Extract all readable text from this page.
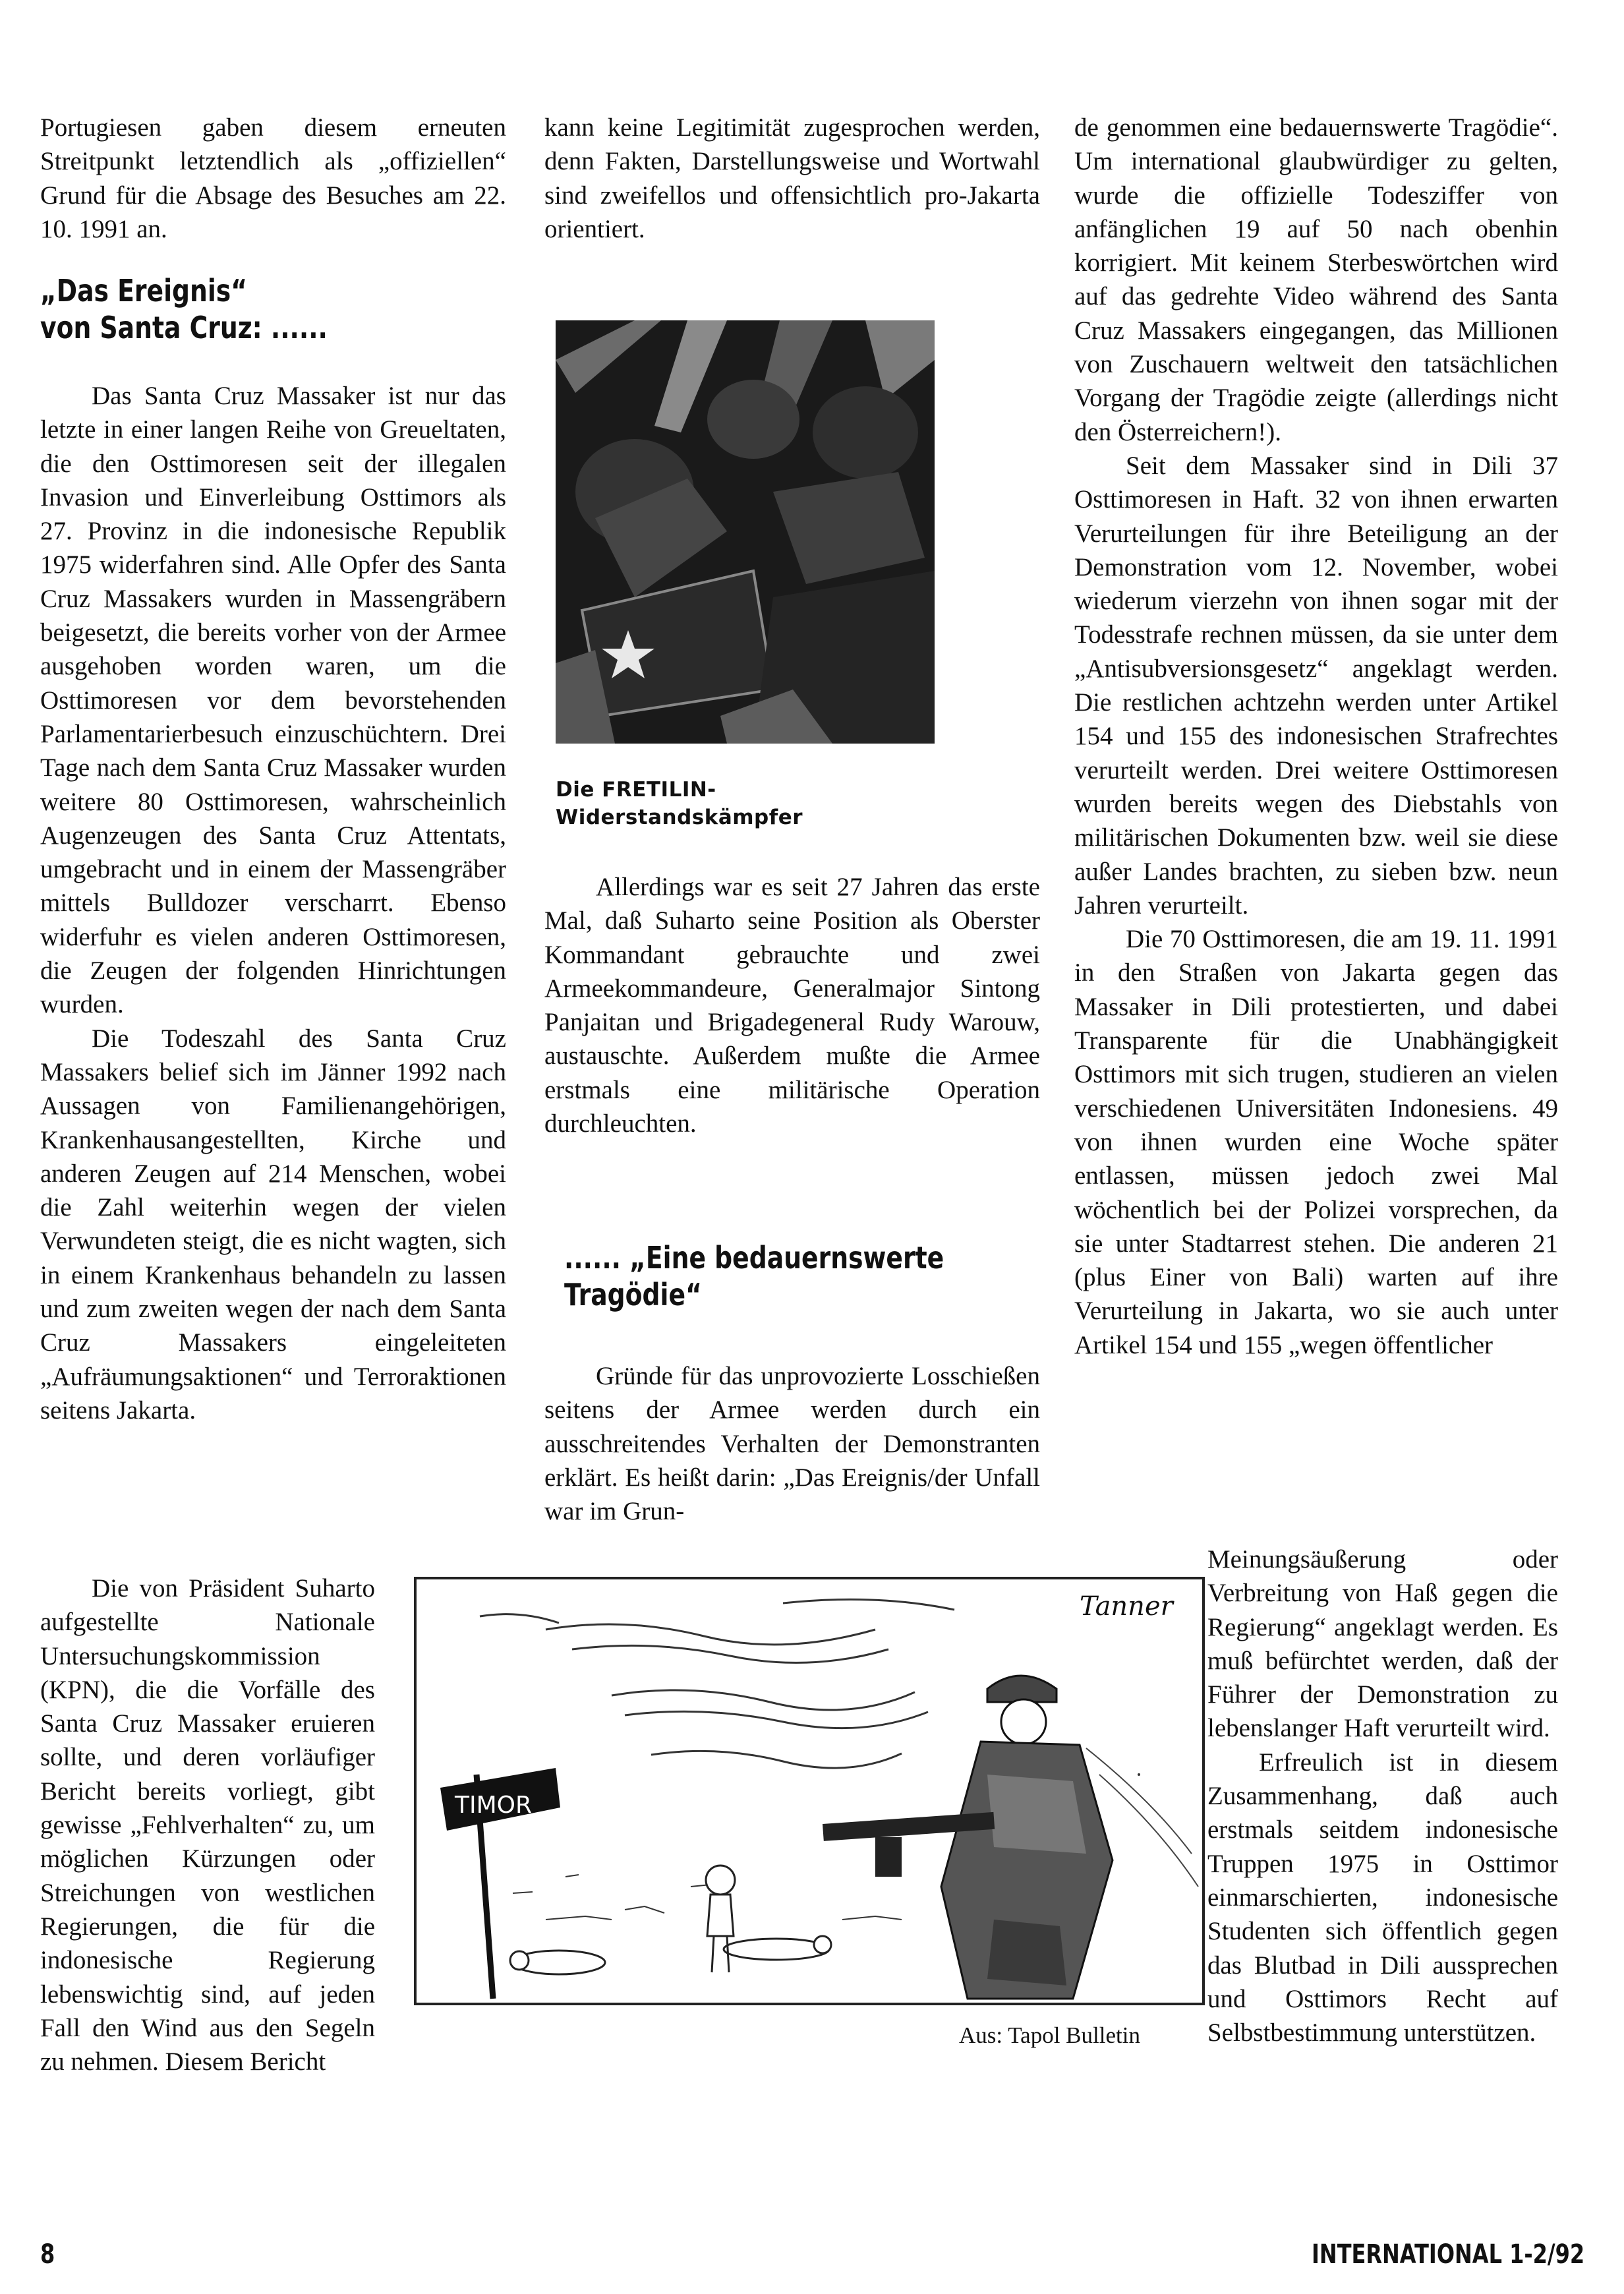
Portugiesen gaben diesem erneuten Streitpunkt letztendlich als „offiziellen“ Grund für die Absage des Besuches am 22. 10. 1991 an.

„Das Ereignis“
von Santa Cruz: ......

Das Santa Cruz Massaker ist nur das letzte in einer langen Reihe von Greueltaten, die den Osttimoresen seit der illegalen Invasion und Einverleibung Osttimors als 27. Provinz in die indonesische Republik 1975 widerfahren sind. Alle Opfer des Santa Cruz Massakers wurden in Massengräbern beigesetzt, die bereits vorher von der Armee ausgehoben worden waren, um die Osttimoresen vor dem bevorstehenden Parlamentarierbesuch einzuschüchtern. Drei Tage nach dem Santa Cruz Massaker wurden weitere 80 Osttimoresen, wahrscheinlich Augenzeugen des Santa Cruz Attentats, umgebracht und in einem der Massengräber mittels Bulldozer verscharrt. Ebenso widerfuhr es vielen anderen Osttimoresen, die Zeugen der folgenden Hinrichtungen wurden.

Die Todeszahl des Santa Cruz Massakers belief sich im Jänner 1992 nach Aussagen von Familienangehörigen, Krankenhausangestellten, Kirche und anderen Zeugen auf 214 Menschen, wobei die Zahl weiterhin wegen der vielen Verwundeten steigt, die es nicht wagten, sich in einem Krankenhaus behandeln zu lassen und zum zweiten wegen der nach dem Santa Cruz Massakers eingeleiteten „Aufräumungsaktionen“ und Terroraktionen seitens Jakarta.

Die von Präsident Suharto aufgestellte Nationale Untersuchungskommission (KPN), die die Vorfälle des Santa Cruz Massaker eruieren sollte, und deren vorläufiger Bericht bereits vorliegt, gibt gewisse „Fehlverhalten“ zu, um möglichen Kürzungen oder Streichungen von westlichen Regierungen, die für die indonesische Regierung lebenswichtig sind, auf jeden Fall den Wind aus den Segeln zu nehmen. Diesem Bericht

kann keine Legitimität zugesprochen werden, denn Fakten, Darstellungsweise und Wortwahl sind zweifellos und offensichtlich pro-Jakarta orientiert.

Die FRETILIN-Widerstandskämpfer

Allerdings war es seit 27 Jahren das erste Mal, daß Suharto seine Position als Oberster Kommandant gebrauchte und zwei Armeekommandeure, Generalmajor Sintong Panjaitan und Brigadegeneral Rudy Warouw, austauschte. Außerdem mußte die Armee erstmals eine militärische Operation durchleuchten.

...... „Eine bedauernswerte
Tragödie“

Gründe für das unprovozierte Losschießen seitens der Armee werden durch ein ausschreitendes Verhalten der Demonstranten erklärt. Es heißt darin: „Das Ereignis/der Unfall war im Grun-

de genommen eine bedauernswerte Tragödie“. Um international glaubwürdiger zu gelten, wurde die offizielle Todesziffer von anfänglichen 19 auf 50 nach obenhin korrigiert. Mit keinem Sterbeswörtchen wird auf das gedrehte Video während des Santa Cruz Massakers eingegangen, das Millionen von Zuschauern weltweit den tatsächlichen Vorgang der Tragödie zeigte (allerdings nicht den Österreichern!).

Seit dem Massaker sind in Dili 37 Osttimoresen in Haft. 32 von ihnen erwarten Verurteilungen für ihre Beteiligung an der Demonstration vom 12. November, wobei wiederum vierzehn von ihnen sogar mit der Todesstrafe rechnen müssen, da sie unter dem „Antisubversionsgesetz“ angeklagt werden. Die restlichen achtzehn werden unter Artikel 154 und 155 des indonesischen Strafrechtes verurteilt werden. Drei weitere Osttimoresen wurden bereits wegen des Diebstahls von militärischen Dokumenten bzw. weil sie diese außer Landes brachten, zu sieben bzw. neun Jahren verurteilt.

Die 70 Osttimoresen, die am 19. 11. 1991 in den Straßen von Jakarta gegen das Massaker in Dili protestierten, und dabei Transparente für die Unabhängigkeit Osttimors mit sich trugen, studieren an vielen verschiedenen Universitäten Indonesiens. 49 von ihnen wurden eine Woche später entlassen, müssen jedoch zwei Mal wöchentlich bei der Polizei vorsprechen, da sie unter Stadtarrest stehen. Die anderen 21 (plus Einer von Bali) warten auf ihre Verurteilung in Jakarta, wo sie auch unter Artikel 154 und 155 „wegen öffentlicher

Meinungsäußerung oder Verbreitung von Haß gegen die Regierung“ angeklagt werden. Es muß befürchtet werden, daß der Führer der Demonstration zu lebenslanger Haft verurteilt wird.

Erfreulich ist in diesem Zusammenhang, daß auch erstmals seitdem indonesische Truppen 1975 in Osttimor einmarschierten, indonesische Studenten sich öffentlich gegen das Blutbad in Dili aussprechen und Osttimors Recht auf Selbstbestimmung unterstützen.

Tanner
TIMOR
Aus: Tapol Bulletin
8	INTERNATIONAL 1-2/92
